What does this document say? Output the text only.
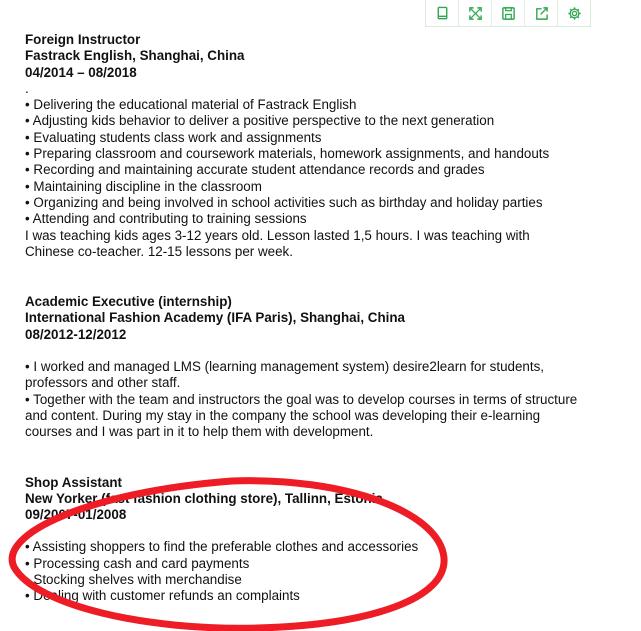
Foreign Instructor
Fastrack English, Shanghai, China
04/2014 – 08/2018
.
• Delivering the educational material of Fastrack English
• Adjusting kids behavior to deliver a positive perspective to the next generation
• Evaluating students class work and assignments
• Preparing classroom and coursework materials, homework assignments, and handouts
• Recording and maintaining accurate student attendance records and grades
• Maintaining discipline in the classroom
• Organizing and being involved in school activities such as birthday and holiday parties
• Attending and contributing to training sessions
I was teaching kids ages 3-12 years old. Lesson lasted 1,5 hours. I was teaching with Chinese co-teacher. 12-15 lessons per week.
Academic Executive (internship)
International Fashion Academy (IFA Paris), Shanghai, China
08/2012-12/2012
• I worked and managed LMS (learning management system) desire2learn for students, professors and other staff.
• Together with the team and instructors the goal was to develop courses in terms of structure and content. During my stay in the company the school was developing their e-learning courses and I was part in it to help them with development.
Shop Assistant
New Yorker (fast fashion clothing store), Tallinn, Estonia
09/2007-01/2008
• Assisting shoppers to find the preferable clothes and accessories
• Processing cash and card payments
• Stocking shelves with merchandise
• Dealing with customer refunds an complaints
